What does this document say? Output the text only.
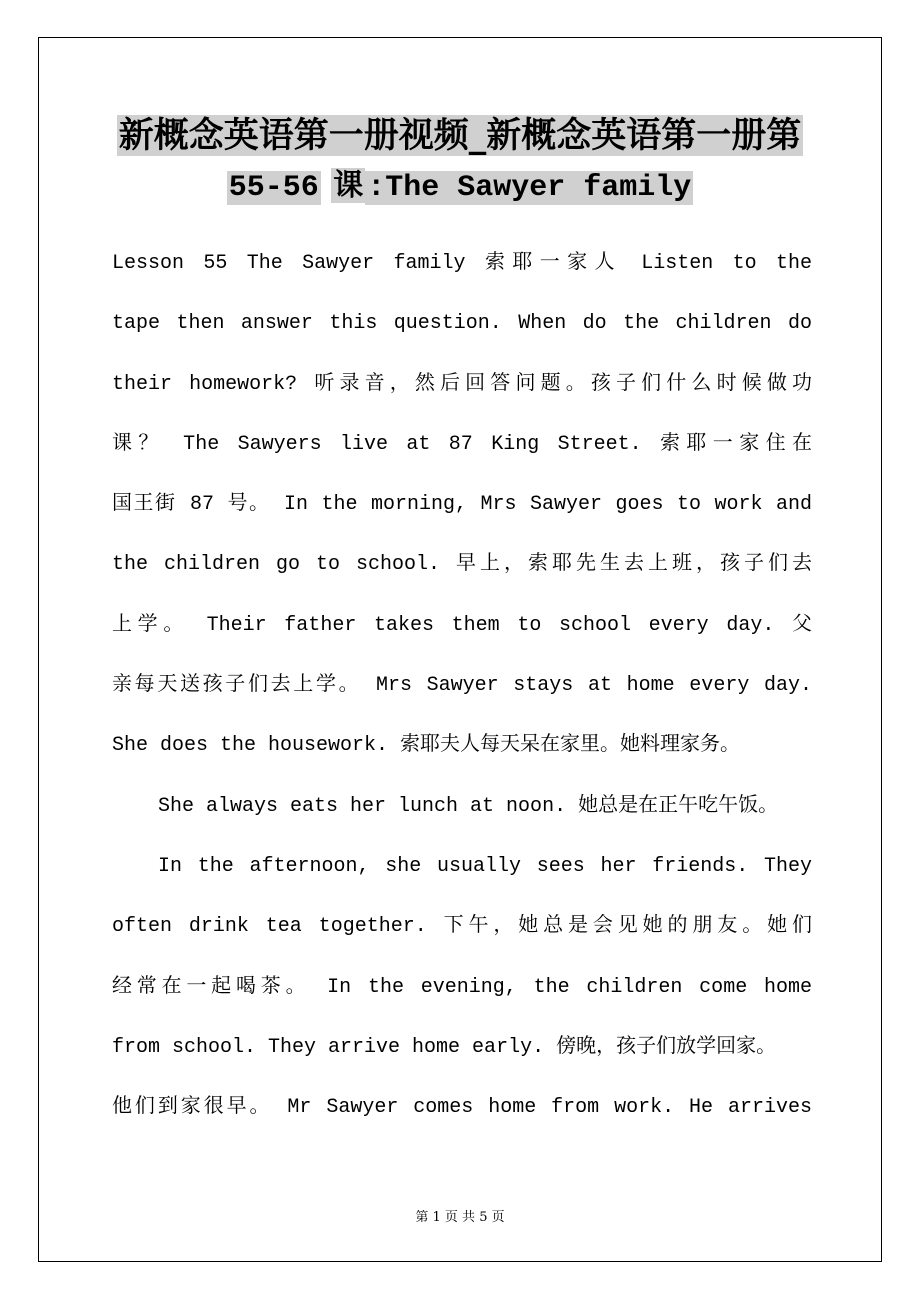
新概念英语第一册视频_新概念英语第一册第
55-56 课 :The Sawyer family
Lesson 55 The Sawyer family 索耶一家人 Listen to the
tape then answer this question. When do the children do
their homework? 听录音，然后回答问题。孩子们什么时候做功
课？ The Sawyers live at 87 King Street. 索耶一家住在
国王街 87 号。 In the morning, Mrs Sawyer goes to work and
the children go to school. 早上，索耶先生去上班，孩子们去
上学。 Their father takes them to school every day. 父
亲每天送孩子们去上学。 Mrs Sawyer stays at home every day.
She does the housework. 索耶夫人每天呆在家里。她料理家务。
She always eats her lunch at noon. 她总是在正午吃午饭。
In the afternoon, she usually sees her friends. They
often drink tea together. 下午，她总是会见她的朋友。她们
经常在一起喝茶。 In the evening, the children come home
from school. They arrive home early. 傍晚，孩子们放学回家。
他们到家很早。 Mr Sawyer comes home from work. He arrives
第 1 页 共 5 页
